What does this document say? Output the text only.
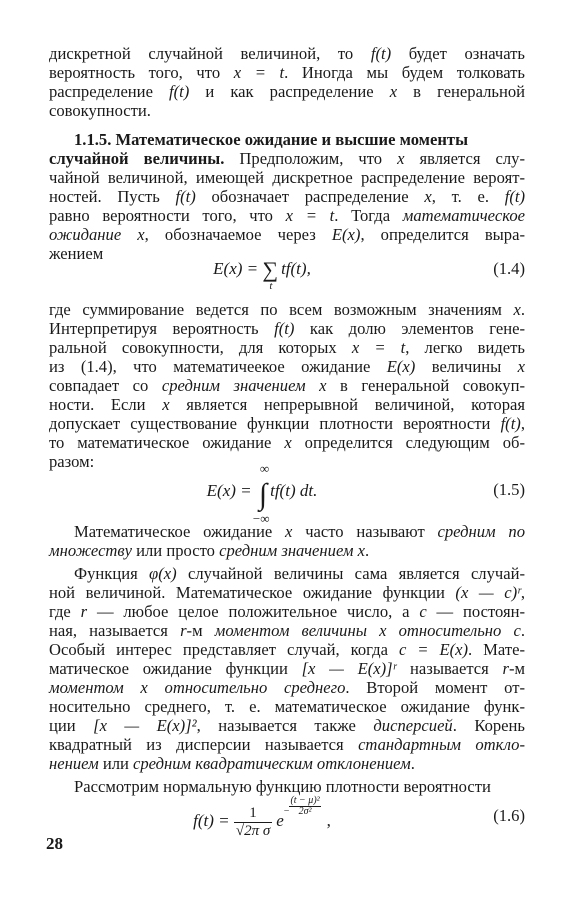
дискретной случайной величиной, то f(t) будет означать
вероятность того, что x = t. Иногда мы будем толковать
распределение f(t) и как распределение x в генеральной
совокупности.
1.1.5. Математическое ожидание и высшие моменты
случайной величины. Предположим, что x является слу-
чайной величиной, имеющей дискретное распределение вероят-
ностей. Пусть f(t) обозначает распределение x, т. е. f(t)
равно вероятности того, что x = t. Тогда математическое
ожидание x, обозначаемое через E(x), определится выра-
жением
где суммирование ведется по всем возможным значениям x.
Интерпретируя вероятность f(t) как долю элементов гене-
ральной совокупности, для которых x = t, легко видеть
из (1.4), что математичеекое ожидание E(x) величины x
совпадает со средним значением x в генеральной совокуп-
ности. Если x является непрерывной величиной, которая
допускает существование функции плотности вероятности f(t),
то математическое ожидание x определится следующим об-
разом:
Математическое ожидание x часто называют средним по
множеству или просто средним значением x.
Функция φ(x) случайной величины сама является случай-
ной величиной. Математическое ожидание функции (x — c)ʳ,
где r — любое целое положительное число, а c — постоян-
ная, называется r-м моментом величины x относительно c.
Особый интерес представляет случай, когда c = E(x). Мате-
матическое ожидание функции [x — E(x)]ʳ называется r-м
моментом x относительно среднего. Второй момент от-
носительно среднего, т. е. математическое ожидание функ-
ции [x — E(x)]², называется также дисперсией. Корень
квадратный из дисперсии называется стандартным откло-
нением или средним квадратическим отклонением.
Рассмотрим нормальную функцию плотности вероятности
E(x) = ∑
t
tf(t),	(1.4)
E(x) = ∫
∞
−∞
tf(t) dt.	(1.5)
$f(t) = \frac{1}{\text{√2π σ}} e^- \frac{\text{(t − μ)²}}{\text{2σ²}}$
,	(1.6)
28
